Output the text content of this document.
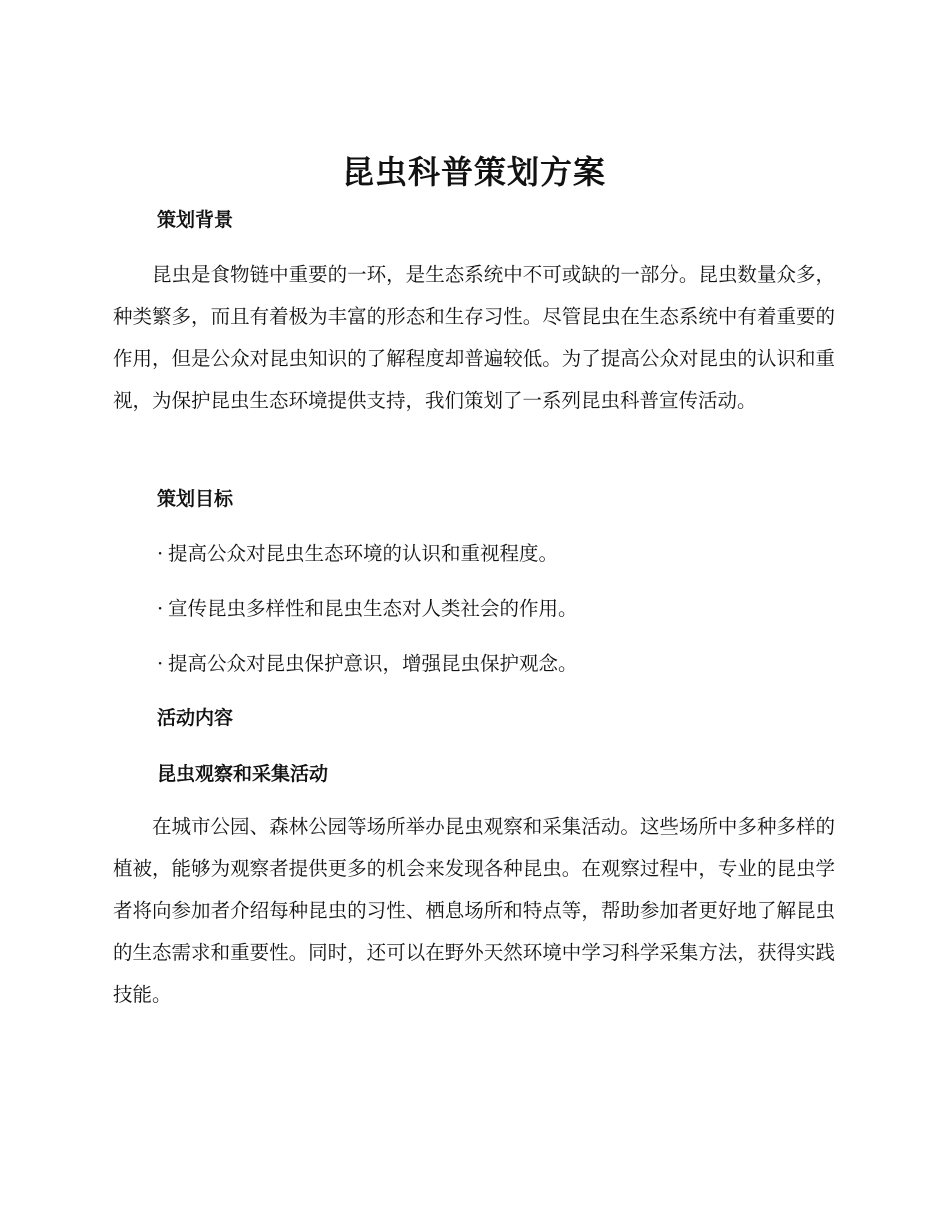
昆虫科普策划方案
策划背景

昆虫是食物链中重要的一环，是生态系统中不可或缺的一部分。昆虫数量众多，种类繁多，而且有着极为丰富的形态和生存习性。尽管昆虫在生态系统中有着重要的作用，但是公众对昆虫知识的了解程度却普遍较低。为了提高公众对昆虫的认识和重视，为保护昆虫生态环境提供支持，我们策划了一系列昆虫科普宣传活动。

策划目标
· 提高公众对昆虫生态环境的认识和重视程度。
· 宣传昆虫多样性和昆虫生态对人类社会的作用。
· 提高公众对昆虫保护意识，增强昆虫保护观念。
活动内容
昆虫观察和采集活动

在城市公园、森林公园等场所举办昆虫观察和采集活动。这些场所中多种多样的植被，能够为观察者提供更多的机会来发现各种昆虫。在观察过程中，专业的昆虫学者将向参加者介绍每种昆虫的习性、栖息场所和特点等，帮助参加者更好地了解昆虫的生态需求和重要性。同时，还可以在野外天然环境中学习科学采集方法，获得实践技能。
